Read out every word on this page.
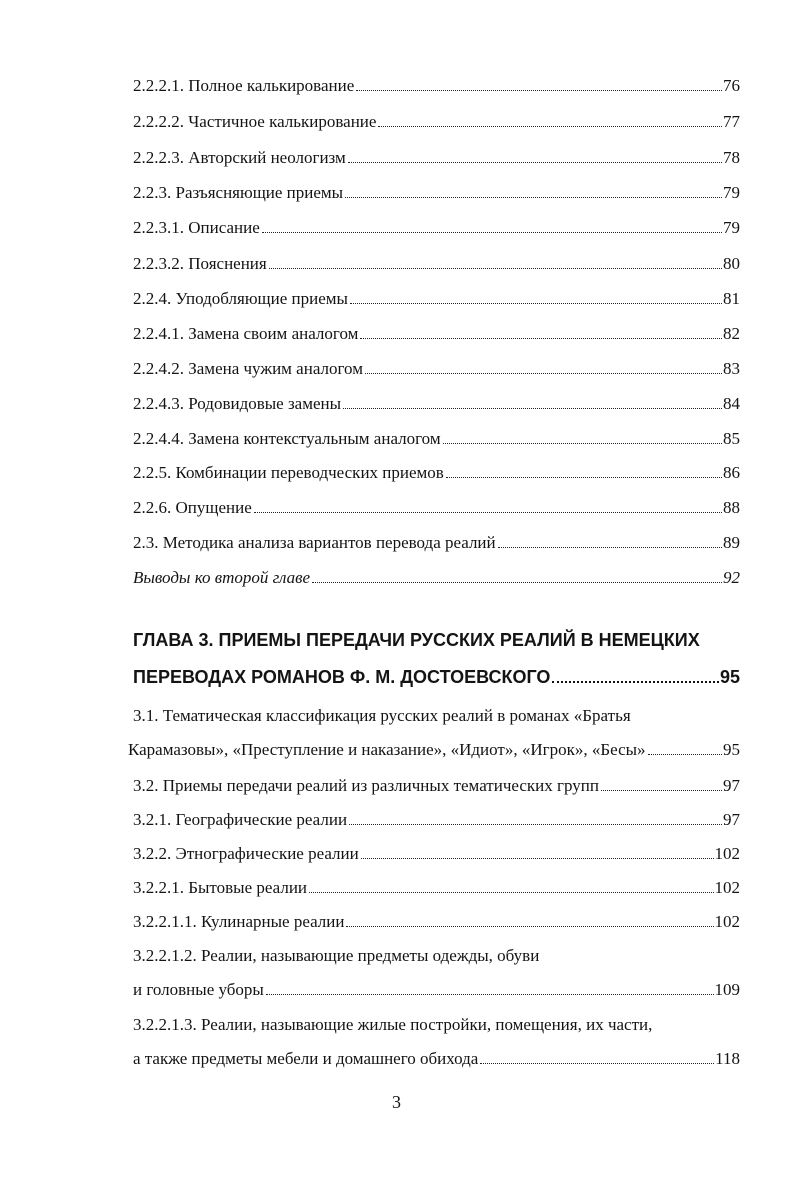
2.2.2.1. Полное калькирование	76
2.2.2.2. Частичное калькирование	77
2.2.2.3. Авторский неологизм	78
2.2.3. Разъясняющие приемы	79
2.2.3.1. Описание	79
2.2.3.2. Пояснения	80
2.2.4. Уподобляющие приемы	81
2.2.4.1. Замена своим аналогом	82
2.2.4.2. Замена чужим аналогом	83
2.2.4.3. Родовидовые замены	84
2.2.4.4. Замена контекстуальным аналогом	85
2.2.5. Комбинации переводческих приемов	86
2.2.6. Опущение	88
2.3. Методика анализа вариантов перевода реалий	89
Выводы ко второй главе	92
ГЛАВА 3. ПРИЕМЫ ПЕРЕДАЧИ РУССКИХ РЕАЛИЙ В НЕМЕЦКИХ
ПЕРЕВОДАХ РОМАНОВ Ф. М. ДОСТОЕВСКОГО	95
3.1. Тематическая классификация русских реалий в романах «Братья
Карамазовы», «Преступление и наказание», «Идиот», «Игрок», «Бесы»	95
3.2. Приемы передачи реалий из различных тематических групп	97
3.2.1. Географические реалии	97
3.2.2. Этнографические реалии	102
3.2.2.1. Бытовые реалии	102
3.2.2.1.1. Кулинарные реалии	102
3.2.2.1.2. Реалии, называющие предметы одежды, обуви
и головные уборы	109
3.2.2.1.3. Реалии, называющие жилые постройки, помещения, их части,
а также предметы мебели и домашнего обихода	118
3
